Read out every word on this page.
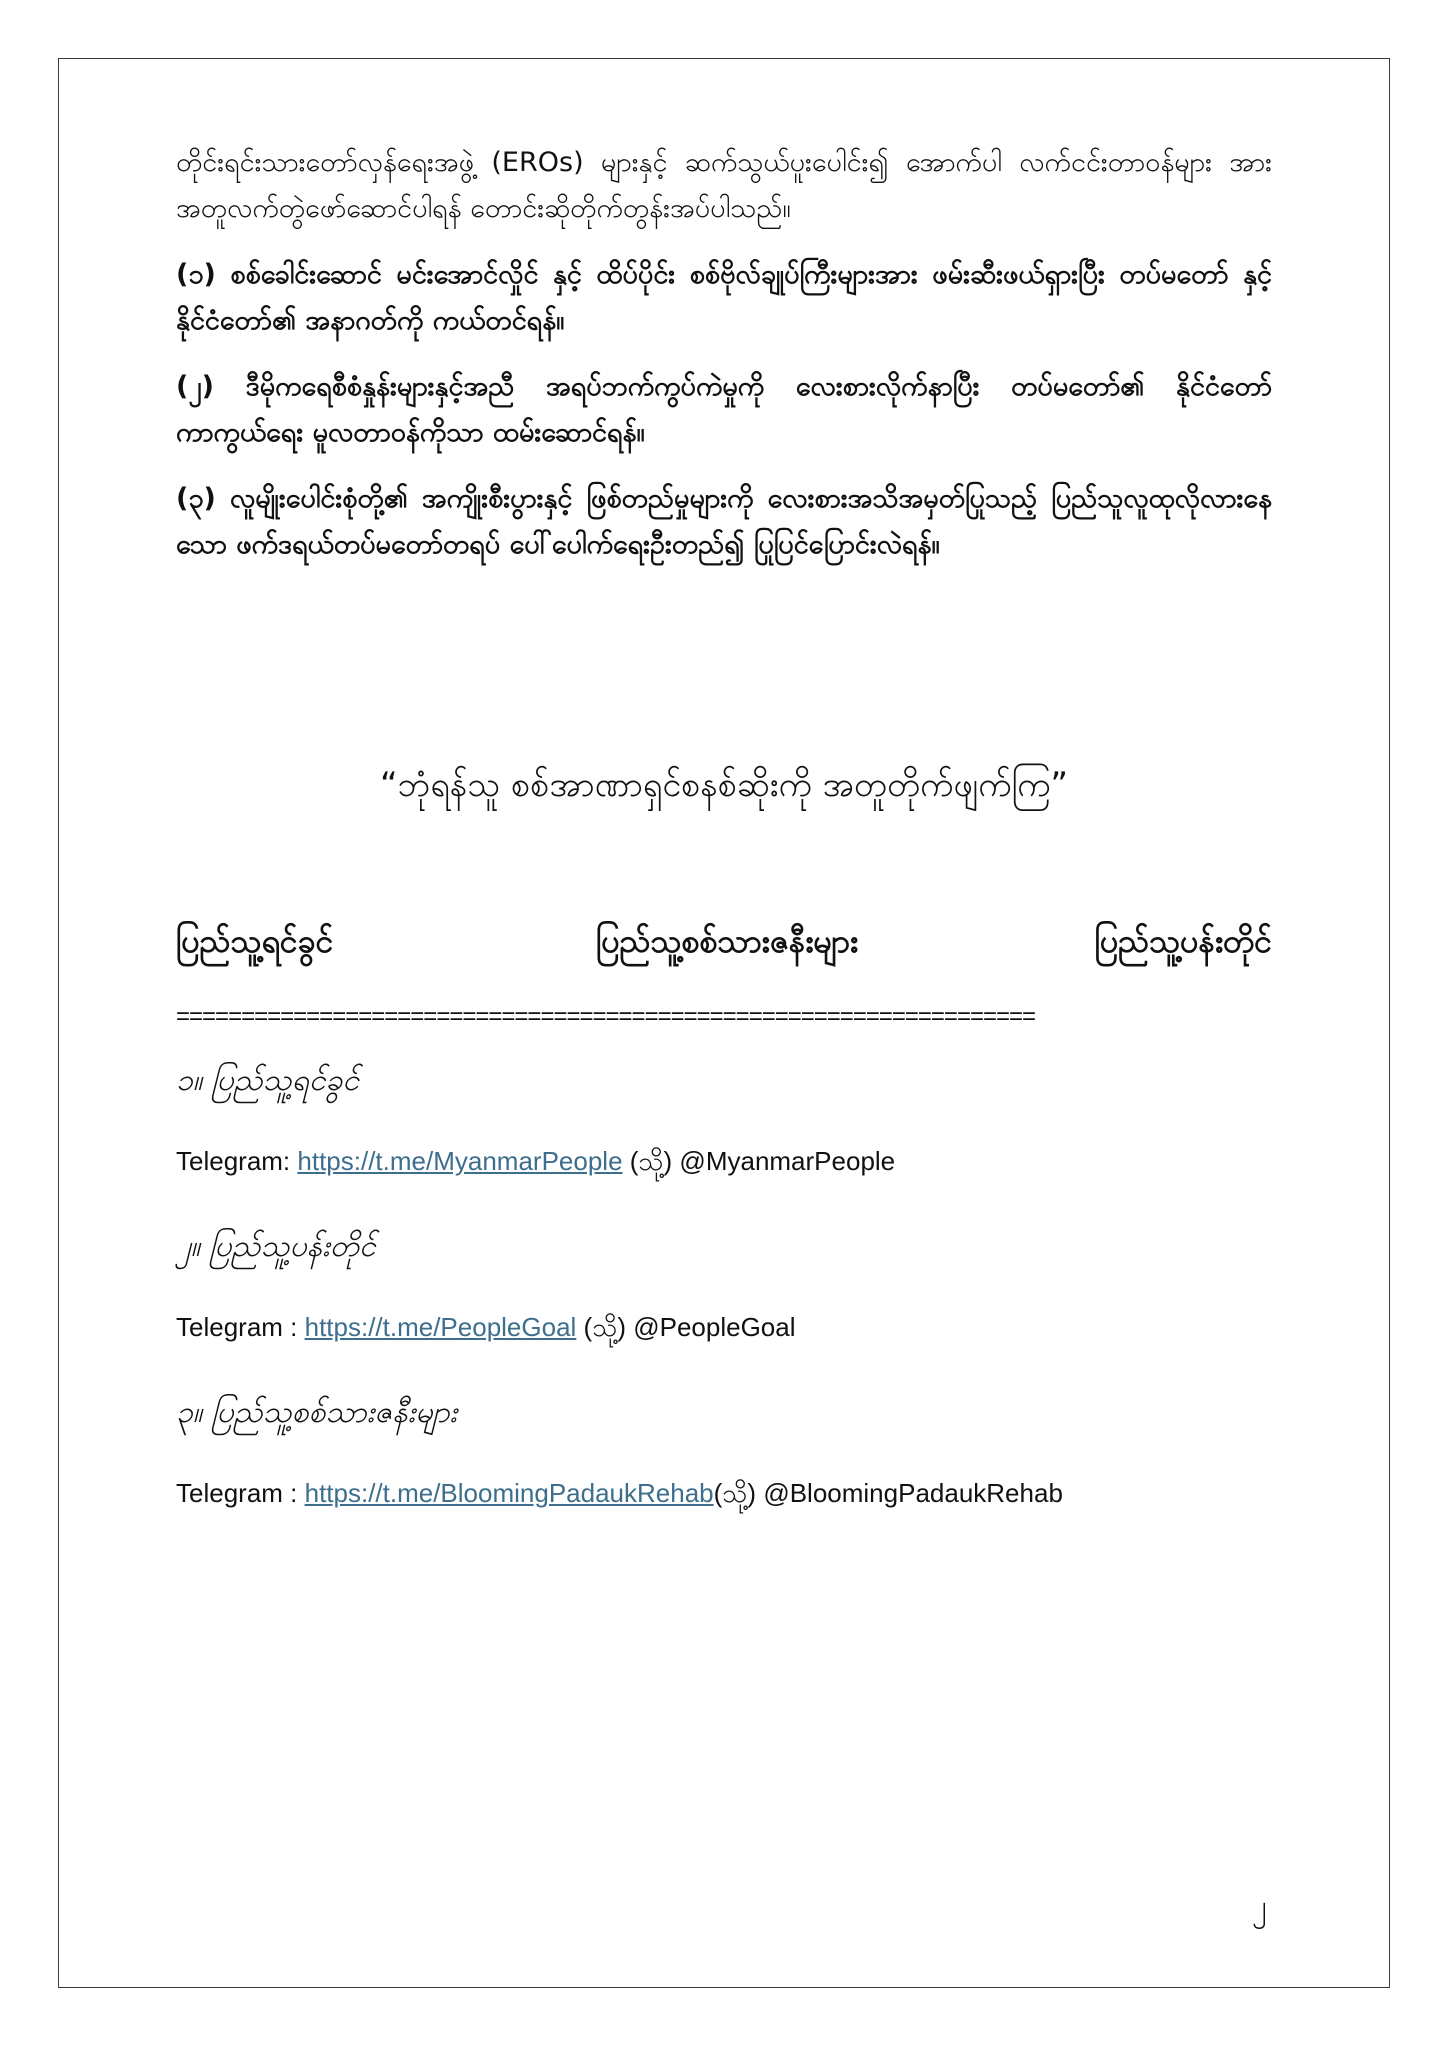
တိုင်းရင်းသားတော်လှန်ရေးအဖွဲ့ (EROs) များနှင့် ဆက်သွယ်ပူးပေါင်း၍ အောက်ပါ လက်ငင်းတာဝန်များ အား အတူလက်တွဲဖော်ဆောင်ပါရန် တောင်းဆိုတိုက်တွန်းအပ်ပါသည်။

(၁) စစ်ခေါင်းဆောင် မင်းအောင်လှိုင် နှင့် ထိပ်ပိုင်း စစ်ဗိုလ်ချုပ်ကြီးများအား ဖမ်းဆီးဖယ်ရှားပြီး တပ်မတော် နှင့် နိုင်ငံတော်၏ အနာဂတ်ကို ကယ်တင်ရန်။

(၂) ဒီမိုကရေစီစံနှုန်းများနှင့်အညီ အရပ်ဘက်ကွပ်ကဲမှုကို လေးစားလိုက်နာပြီး တပ်မတော်၏ နိုင်ငံတော်ကာကွယ်ရေး မူလတာဝန်ကိုသာ ထမ်းဆောင်ရန်။

(၃) လူမျိုးပေါင်းစုံတို့၏ အကျိုးစီးပွားနှင့် ဖြစ်တည်မှုများကို လေးစားအသိအမှတ်ပြုသည့် ပြည်သူလူထုလိုလားနေသော ဖက်ဒရယ်တပ်မတော်တရပ် ပေါ်ပေါက်ရေးဦးတည်၍ ပြုပြင်ပြောင်းလဲရန်။

“ဘုံရန်သူ စစ်အာဏာရှင်စနစ်ဆိုးကို အတူတိုက်ဖျက်ကြ”
ပြည်သူ့ရင်ခွင်	ပြည်သူ့စစ်သားဇနီးများ	ပြည်သူ့ပန်းတိုင်
==================================================================
၁။ ပြည်သူ့ရင်ခွင်
Telegram: https://t.me/MyanmarPeople (သို့) @MyanmarPeople
၂။ ပြည်သူ့ပန်းတိုင်
Telegram : https://t.me/PeopleGoal (သို့) @PeopleGoal
၃။ ပြည်သူ့စစ်သားဇနီးများ
Telegram : https://t.me/BloomingPadaukRehab(သို့) @BloomingPadaukRehab
၂
